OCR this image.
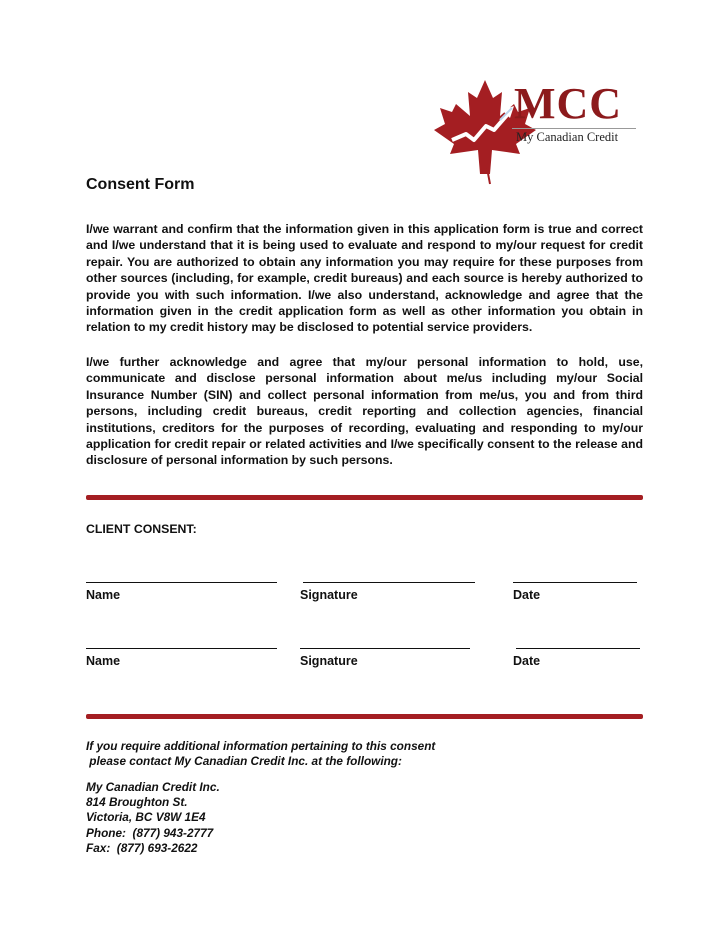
MCC
My Canadian Credit
Consent Form

I/we warrant and confirm that the information given in this application form is true and correct and I/we understand that it is being used to evaluate and respond to my/our request for credit repair. You are authorized to obtain any information you may require for these purposes from other sources (including, for example, credit bureaus) and each source is hereby authorized to provide you with such information. I/we also understand, acknowledge and agree that the information given in the credit application form as well as other information you obtain in relation to my credit history may be disclosed to potential service providers.

I/we further acknowledge and agree that my/our personal information to hold, use, communicate and disclose personal information about me/us including my/our Social Insurance Number (SIN) and collect personal information from me/us, you and from third persons, including credit bureaus, credit reporting and collection agencies, financial institutions, creditors for the purposes of recording, evaluating and responding to my/our application for credit repair or related activities and I/we specifically consent to the release and disclosure of personal information by such persons.

CLIENT CONSENT:
Name	Signature	Date
Name	Signature	Date
If you require additional information pertaining to this consent
please contact My Canadian Credit Inc. at the following:
My Canadian Credit Inc.
814 Broughton St.
Victoria, BC V8W 1E4
Phone:  (877) 943-2777
Fax:  (877) 693-2622
